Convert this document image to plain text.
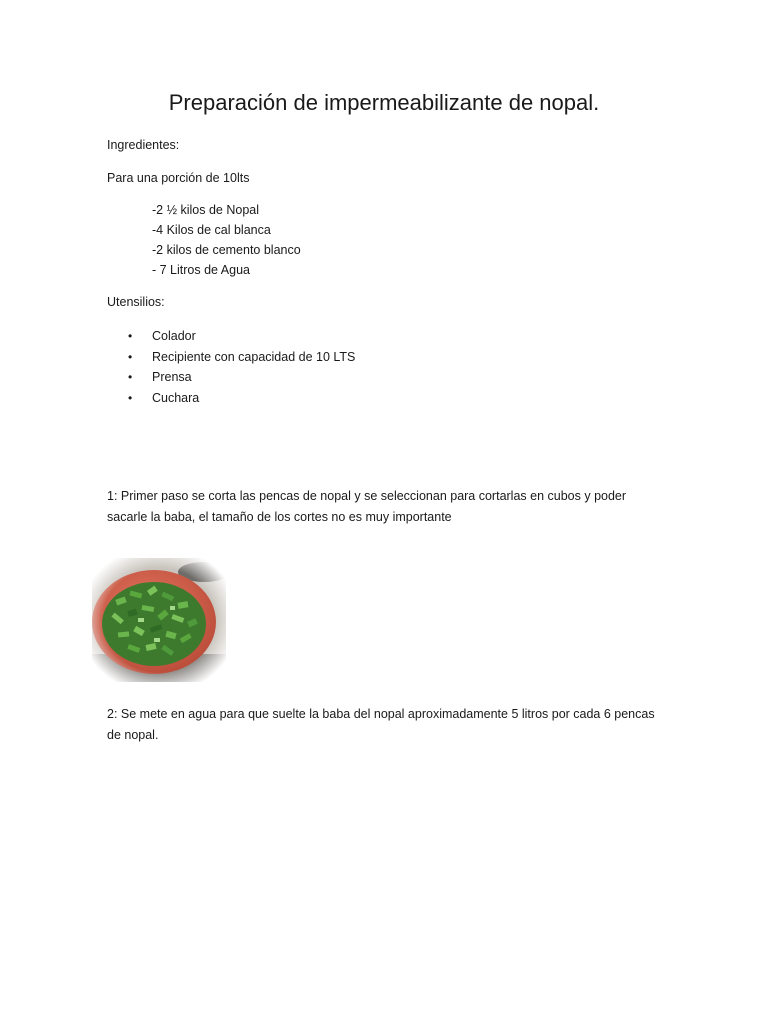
Preparación de impermeabilizante de nopal.

Ingredientes:

Para una porción de 10lts

-2 ½ kilos de Nopal
-4 Kilos de cal blanca
-2 kilos de cemento blanco
- 7 Litros de Agua

Utensilios:

•	Colador
•	Recipiente con capacidad de 10 LTS
•	Prensa
•	Cuchara

1: Primer paso se corta las pencas de nopal y se seleccionan para cortarlas en cubos y poder sacarle la baba, el tamaño de los cortes no es muy importante

2: Se mete en agua para que suelte la baba del nopal aproximadamente 5 litros por cada 6 pencas de nopal.
